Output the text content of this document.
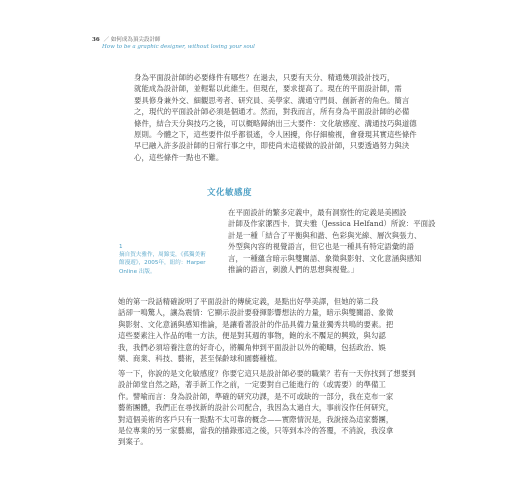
36 ／ 如何成為頂尖設計師
How to be a graphic designer, without losing your soul
身為平面設計師的必要條件有哪些？在過去，只要有天分、精通幾項設計技巧，
就能成為設計師，並輕鬆以此維生。但現在，要求提高了。現在的平面設計師，需
要具修身兼外交、細觀思考者、研究員、美學家、溝通守門員、創新者的角色。簡言
之，現代的平面設計師必須是個通才。然而，對我而言，所有身為平面設計師的必備
條件，結合天分與技巧之後，可以概略歸納出三大要件：文化敏感度、溝通技巧與道德
原則。今體之下，這些要件似乎都很遙，令人困擾，你仔細檢視，會發現其實這些條件
早已融入許多設計師的日常行事之中，即使尚未這樣做的設計師，只要透過努力與決
心，這些條件一點也不難。
文化敏感度
在平面設計的繁多定義中，最有洞察性的定義是美國設
計師及作家潔西卡．賀夫雅（Jessica Helfand）所說：平面設
計是一種「結合了平衡與和諧、色彩與光線、層次與張力、
外型與內容的視覺語言，但它也是一種具有特定語彙的語
言，一種蘊含暗示與雙關語、象徵與影射、文化意涵與感知
推論的語言，刺激人們的思想與視覺。」
1
摘自賀夫雅作，周錦雯，《孤獨美術
館漫遊》，2005年，紐約：Harper
Online 出版。
她的第一段話精確說明了平面設計的傳統定義，是點出好學美譯，但她的第二段
話卻一鳴驚人，讓為震情：它顯示設計要發揮影響想法的力量，暗示與雙關語、象徵
與影射、文化意涵與感知推論，是讓看著設計的作品具備力量並獨秀共鳴的要素。把
這些要素注入作品的唯一方法，便是對其週的事物，飽的永不饜足的興致，與勾認
我，我們必須培養注意的好奇心，將觸角伸到平面設計以外的範疇，包括政治、娛
樂、商業、科技、藝術，甚至保齡球和園藝種植。
等一下，你說的是文化敏感度？你要它這只是設計師必要的職業？若有一天你找到了想要到
設計師堂自然之路，著手新工作之前，一定要對自己能進行的（或需要）的準備工
作。譬喻而言：身為設計師，準確的研究功課，是不可或缺的一部分，我在克布一家
藝術團體，我們正在尋找新的設計公司配合，我因為太過自大，事前沒作任何研究，
對這個美術的客戶只有一點點不太可靠的概念——實際情況是，我說接為這家藝團，
是位專業的另一家藝廊，當我的描錄那這之後，只等到本冷的答覆，不消說，我沒拿
到案子。
